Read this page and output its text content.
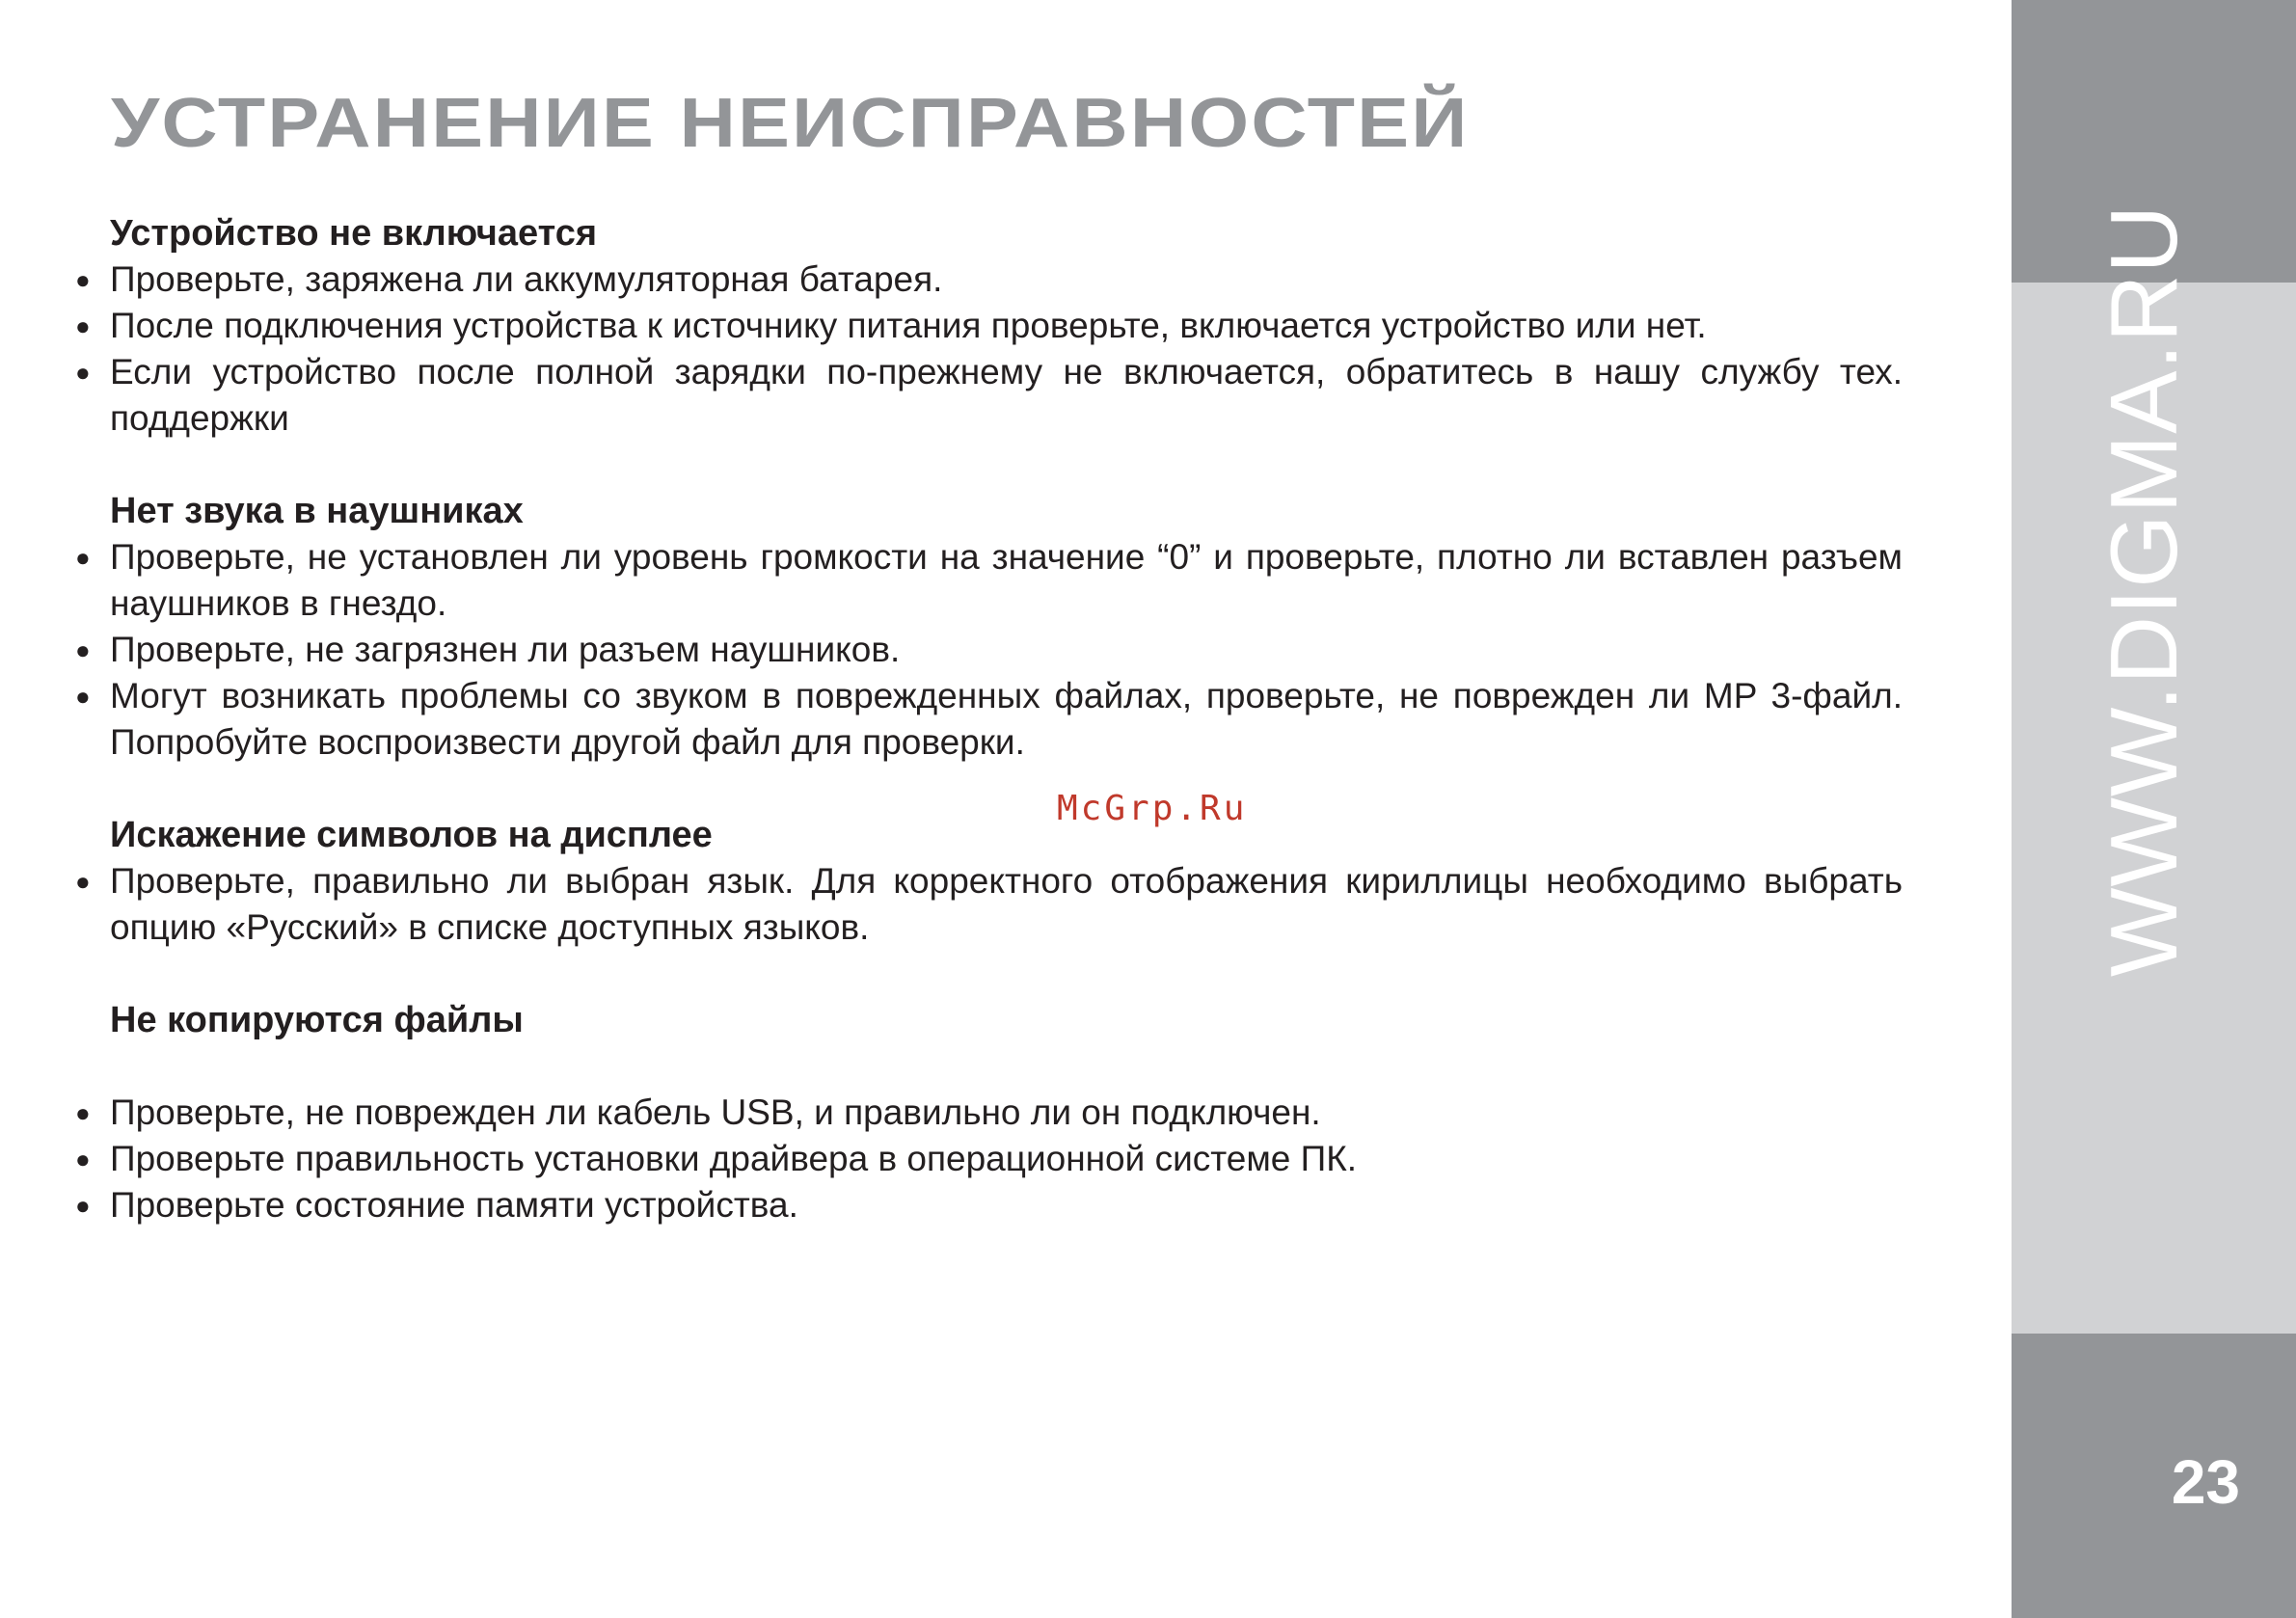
УСТРАНЕНИЕ НЕИСПРАВНОСТЕЙ
Устройство не включается
● Проверьте, заряжена ли аккумуляторная батарея.
● После подключения устройства к источнику питания проверьте, включается устройство или нет.
● Если устройство после полной зарядки по-прежнему не включается, обратитесь в нашу службу тех. поддержки
Нет звука в наушниках
● Проверьте, не установлен ли уровень громкости на значение “0” и проверьте, плотно ли вставлен разъем наушников в гнездо.
● Проверьте, не загрязнен ли разъем наушников.
● Могут возникать проблемы со звуком в поврежденных файлах, проверьте, не поврежден ли MP 3-файл. Попробуйте воспроизвести другой файл для проверки.
Искажение символов на дисплее
● Проверьте, правильно ли выбран язык. Для корректного отображения кириллицы необходимо выбрать опцию «Русский» в списке доступных языков.
Не копируются файлы
● Проверьте, не поврежден ли кабель USB, и правильно ли он подключен.
● Проверьте правильность установки драйвера в операционной системе ПК.
● Проверьте состояние памяти устройства.
McGrp.Ru	WWW.DIGMA.RU
23
